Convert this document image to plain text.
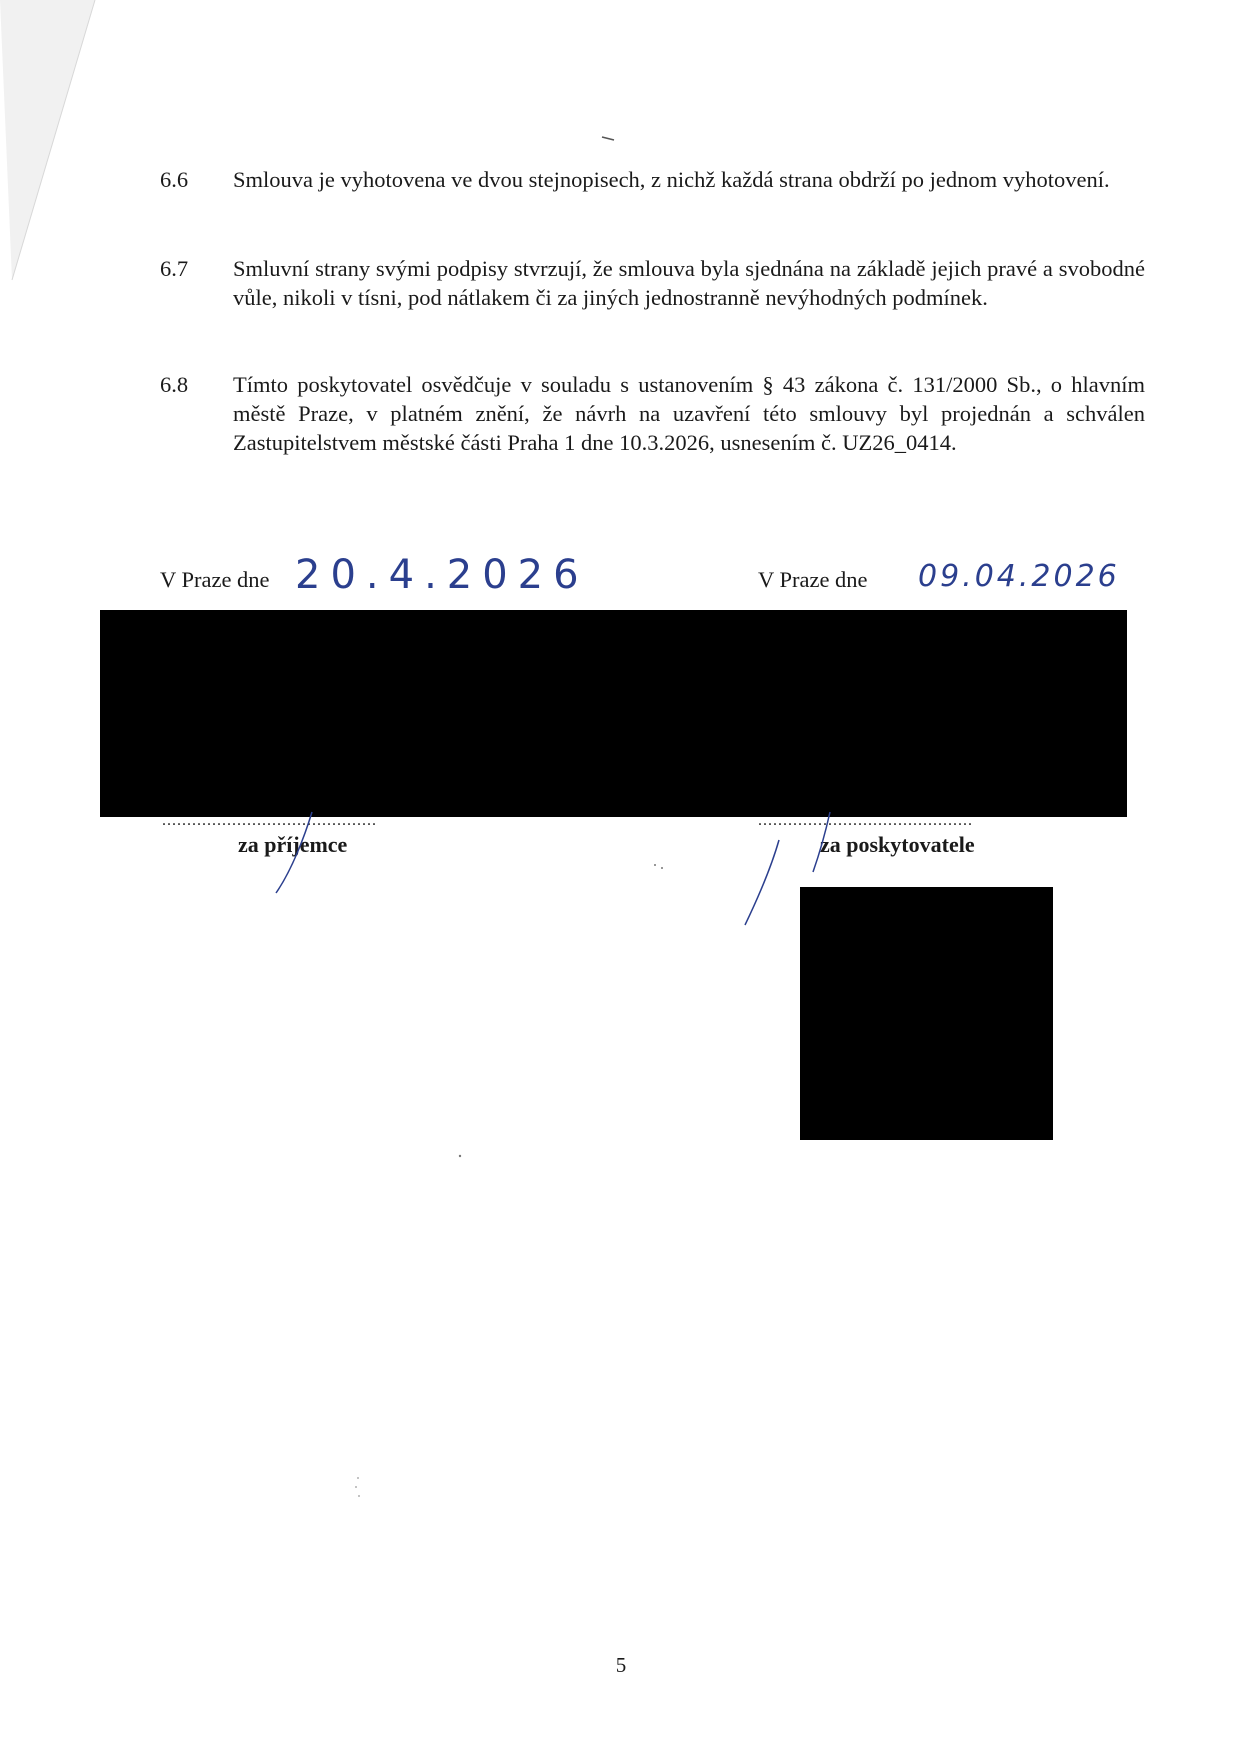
6.6	Smlouva je vyhotovena ve dvou stejnopisech, z nichž každá strana obdrží po jednom vyhotovení.
6.7	Smluvní strany svými podpisy stvrzují, že smlouva byla sjednána na základě jejich pravé a svobodné vůle, nikoli v tísni, pod nátlakem či za jiných jednostranně nevýhodných podmínek.
6.8	Tímto poskytovatel osvědčuje v souladu s ustanovením § 43 zákona č. 131/2000 Sb., o hlavním městě Praze, v platném znění, že návrh na uzavření této smlouvy byl projednán a schválen Zastupitelstvem městské části Praha 1 dne 10.3.2026, usnesením č. UZ26_0414.
V Praze dne 20.4.2026	V Praze dne 09.04.2026
...........................................	...........................................
za příjemce	za poskytovatele
5
